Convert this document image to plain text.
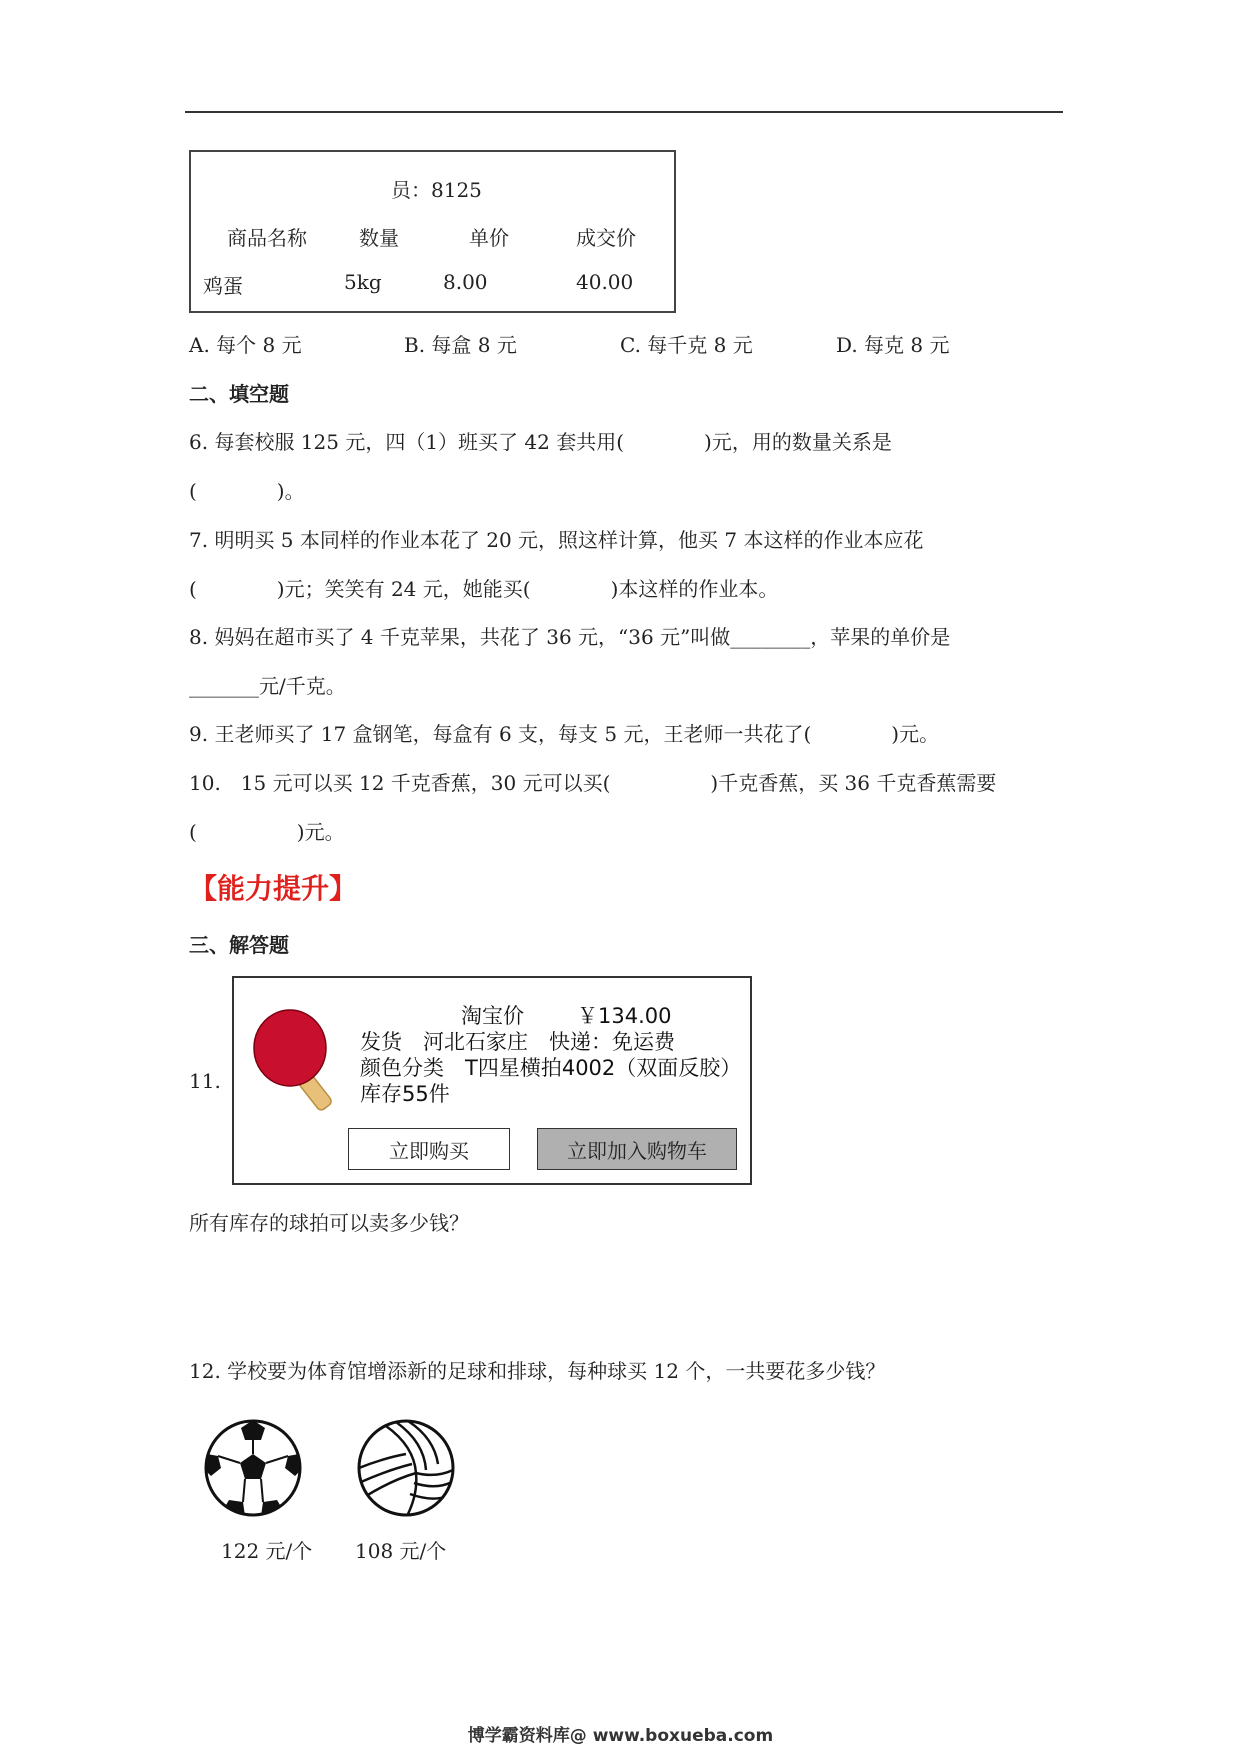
员：8125
商品名称	数量	单价	成交价
鸡蛋	5kg	8.00	40.00
A. 每个 8 元	B. 每盒 8 元	C. 每千克 8 元	D. 每克 8 元
二、填空题
6. 每套校服 125 元，四（1）班买了 42 套共用(　　　　)元，用的数量关系是
(　　　　)。
7. 明明买 5 本同样的作业本花了 20 元，照这样计算，他买 7 本这样的作业本应花
(　　　　)元；笑笑有 24 元，她能买(　　　　)本这样的作业本。
8. 妈妈在超市买了 4 千克苹果，共花了 36 元，“36 元”叫做________，苹果的单价是
_______元/千克。
9. 王老师买了 17 盒钢笔，每盒有 6 支，每支 5 元，王老师一共花了(　　　　)元。
10.　15 元可以买 12 千克香蕉，30 元可以买(　　　　　)千克香蕉，买 36 千克香蕉需要
(　　　　　)元。
【能力提升】
三、解答题
11.
淘宝价	￥134.00
发货　河北石家庄　快递：免运费
颜色分类　T四星横拍4002（双面反胶）
库存55件
立即购买	立即加入购物车
所有库存的球拍可以卖多少钱？
12. 学校要为体育馆增添新的足球和排球，每种球买 12 个，一共要花多少钱？
122 元/个 108 元/个
博学霸资料库@ www.boxueba.com
